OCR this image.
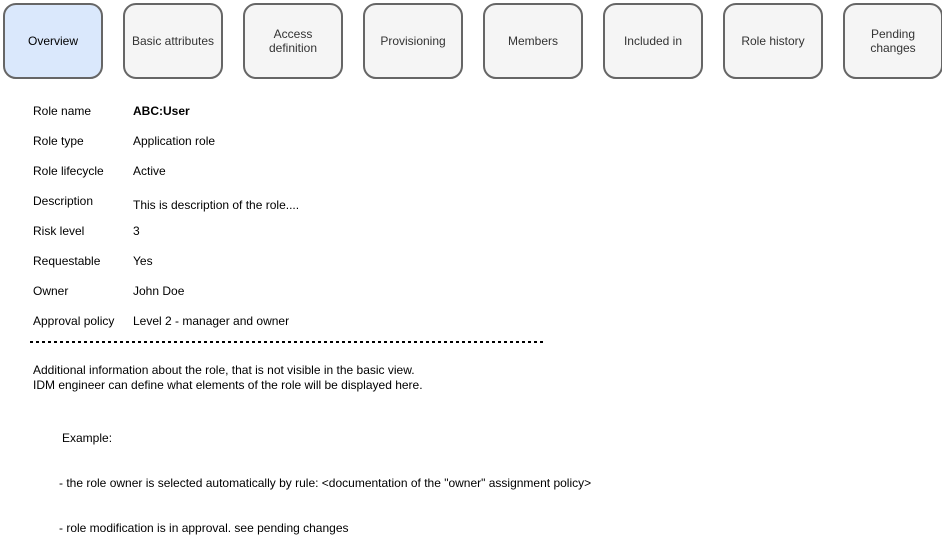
Overview	Basic attributes	Access definition	Provisioning	Members	Included in	Role history	Pending changes
Role name	ABC:User
Role type	Application role
Role lifecycle	Active
Description	This is description of the role....
Risk level	3
Requestable	Yes
Owner	John Doe
Approval policy	Level 2 - manager and owner
Additional information about the role, that is not visible in the basic view.
IDM engineer can define what elements of the role will be displayed here.

Example:

- the role owner is selected automatically by rule: <documentation of the "owner" assignment policy>

- role modification is in approval. see pending changes
